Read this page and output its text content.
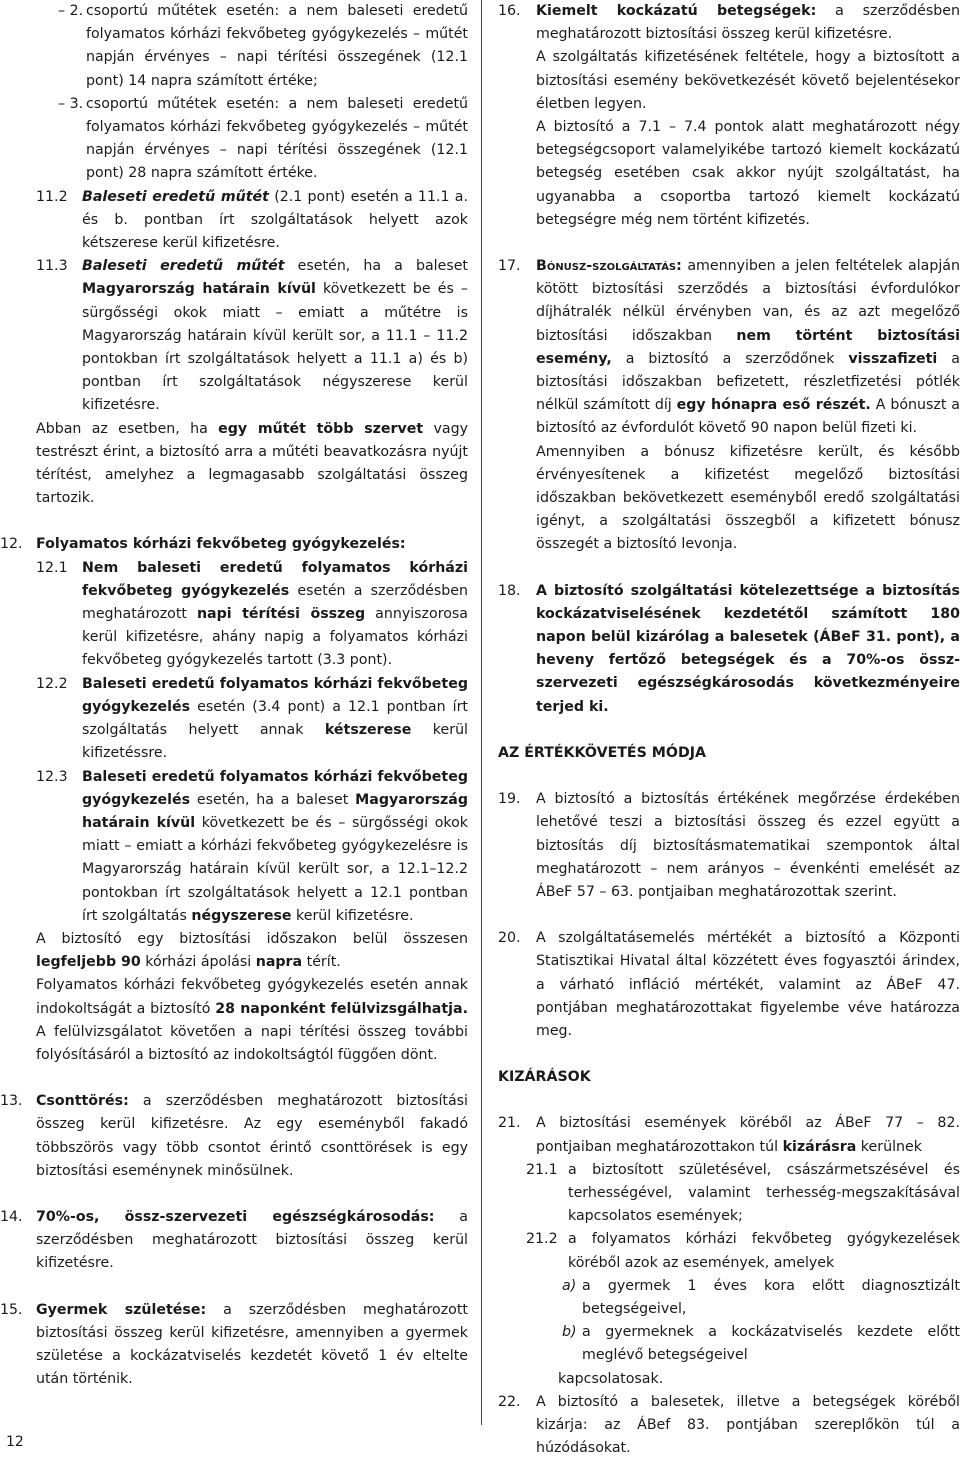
– 2. csoportú műtétek esetén: a nem baleseti eredetű folyamatos kórházi fekvőbeteg gyógykezelés – műtét napján érvényes – napi térítési összegének (12.1 pont) 14 napra számított értéke;

– 3. csoportú műtétek esetén: a nem baleseti eredetű folyamatos kórházi fekvőbeteg gyógykezelés – műtét napján érvényes – napi térítési összegének (12.1 pont) 28 napra számított értéke.

11.2 Baleseti eredetű műtét (2.1 pont) esetén a 11.1 a. és b. pontban írt szolgáltatások helyett azok kétszerese kerül kifizetésre.

11.3 Baleseti eredetű műtét esetén, ha a baleset Magyarország határain kívül következett be és – sürgősségi okok miatt – emiatt a műtétre is Magyarország határain kívül került sor, a 11.1 – 11.2 pontokban írt szolgáltatások helyett a 11.1 a) és b) pontban írt szolgáltatások négyszerese kerül kifizetésre.

Abban az esetben, ha egy műtét több szervet vagy testrészt érint, a biztosító arra a műtéti beavatkozásra nyújt térítést, amelyhez a legmagasabb szolgáltatási összeg tartozik.

12. Folyamatos kórházi fekvőbeteg gyógykezelés:

12.1 Nem baleseti eredetű folyamatos kórházi fekvőbeteg gyógykezelés esetén a szerződésben meghatározott napi térítési összeg annyiszorosa kerül kifizetésre, ahány napig a folyamatos kórházi fekvőbeteg gyógykezelés tartott (3.3 pont).

12.2 Baleseti eredetű folyamatos kórházi fekvőbeteg gyógykezelés esetén (3.4 pont) a 12.1 pontban írt szolgáltatás helyett annak kétszerese kerül kifizetéssre.

12.3 Baleseti eredetű folyamatos kórházi fekvőbeteg gyógykezelés esetén, ha a baleset Magyarország határain kívül következett be és – sürgősségi okok miatt – emiatt a kórházi fekvőbeteg gyógykezelésre is Magyarország határain kívül került sor, a 12.1–12.2 pontokban írt szolgáltatások helyett a 12.1 pontban írt szolgáltatás négyszerese kerül kifizetésre.

A biztosító egy biztosítási időszakon belül összesen legfeljebb 90 kórházi ápolási napra térít.

Folyamatos kórházi fekvőbeteg gyógykezelés esetén annak indokoltságát a biztosító 28 naponként felülvizsgálhatja. A felülvizsgálatot követően a napi térítési összeg további folyósításáról a biztosító az indokoltságtól függően dönt.

13. Csonttörés: a szerződésben meghatározott biztosítási összeg kerül kifizetésre. Az egy eseményből fakadó többszörös vagy több csontot érintő csonttörések is egy biztosítási eseménynek minősülnek.

14. 70%-os, össz-szervezeti egészségkárosodás: a szerződésben meghatározott biztosítási összeg kerül kifizetésre.

15. Gyermek születése: a szerződésben meghatározott biztosítási összeg kerül kifizetésre, amennyiben a gyermek születése a kockázatviselés kezdetét követő 1 év eltelte után történik.

16. Kiemelt kockázatú betegségek: a szerződésben meghatározott biztosítási összeg kerül kifizetésre.

A szolgáltatás kifizetésének feltétele, hogy a biztosított a biztosítási esemény bekövetkezését követő bejelentésekor életben legyen.

A biztosító a 7.1 – 7.4 pontok alatt meghatározott négy betegségcsoport valamelyikébe tartozó kiemelt kockázatú betegség esetében csak akkor nyújt szolgáltatást, ha ugyanabba a csoportba tartozó kiemelt kockázatú betegségre még nem történt kifizetés.

17. Bónusz-szolgáltatás: amennyiben a jelen feltételek alapján kötött biztosítási szerződés a biztosítási évfordulókor díjhátralék nélkül érvényben van, és az azt megelőző biztosítási időszakban nem történt biztosítási esemény, a biztosító a szerződőnek visszafizeti a biztosítási időszakban befizetett, részletfizetési pótlék nélkül számított díj egy hónapra eső részét. A bónuszt a biztosító az évfordulót követő 90 napon belül fizeti ki.

Amennyiben a bónusz kifizetésre került, és később érvényesítenek a kifizetést megelőző biztosítási időszakban bekövetkezett eseményből eredő szolgáltatási igényt, a szolgáltatási összegből a kifizetett bónusz összegét a biztosító levonja.

18. A biztosító szolgáltatási kötelezettsége a biztosítás kockázatviselésének kezdetétől számított 180 napon belül kizárólag a balesetek (ÁBeF 31. pont), a heveny fertőző betegségek és a 70%-os össz-szervezeti egészségkárosodás következményeire terjed ki.

AZ ÉRTÉKKÖVETÉS MÓDJA

19. A biztosító a biztosítás értékének megőrzése érdekében lehetővé teszi a biztosítási összeg és ezzel együtt a biztosítás díj biztosításmatematikai szempontok által meghatározott – nem arányos – évenkénti emelését az ÁBeF 57 – 63. pontjaiban meghatározottak szerint.

20. A szolgáltatásemelés mértékét a biztosító a Központi Statisztikai Hivatal által közzétett éves fogyasztói árindex, a várható infláció mértékét, valamint az ÁBeF 47. pontjában meghatározottakat figyelembe véve határozza meg.

KIZÁRÁSOK

21. A biztosítási események köréből az ÁBeF 77 – 82. pontjaiban meghatározottakon túl kizárásra kerülnek

21.1 a biztosított születésével, császármetszésével és terhességével, valamint terhesség-megszakításával kapcsolatos események;

21.2 a folyamatos kórházi fekvőbeteg gyógykezelések köréből azok az események, amelyek

a) a gyermek 1 éves kora előtt diagnosztizált betegségeivel,

b) a gyermeknek a kockázatviselés kezdete előtt meglévő betegségeivel

kapcsolatosak.

22. A biztosító a balesetek, illetve a betegségek köréből kizárja: az ÁBef 83. pontjában szereplőkön túl a húzódásokat.

12
